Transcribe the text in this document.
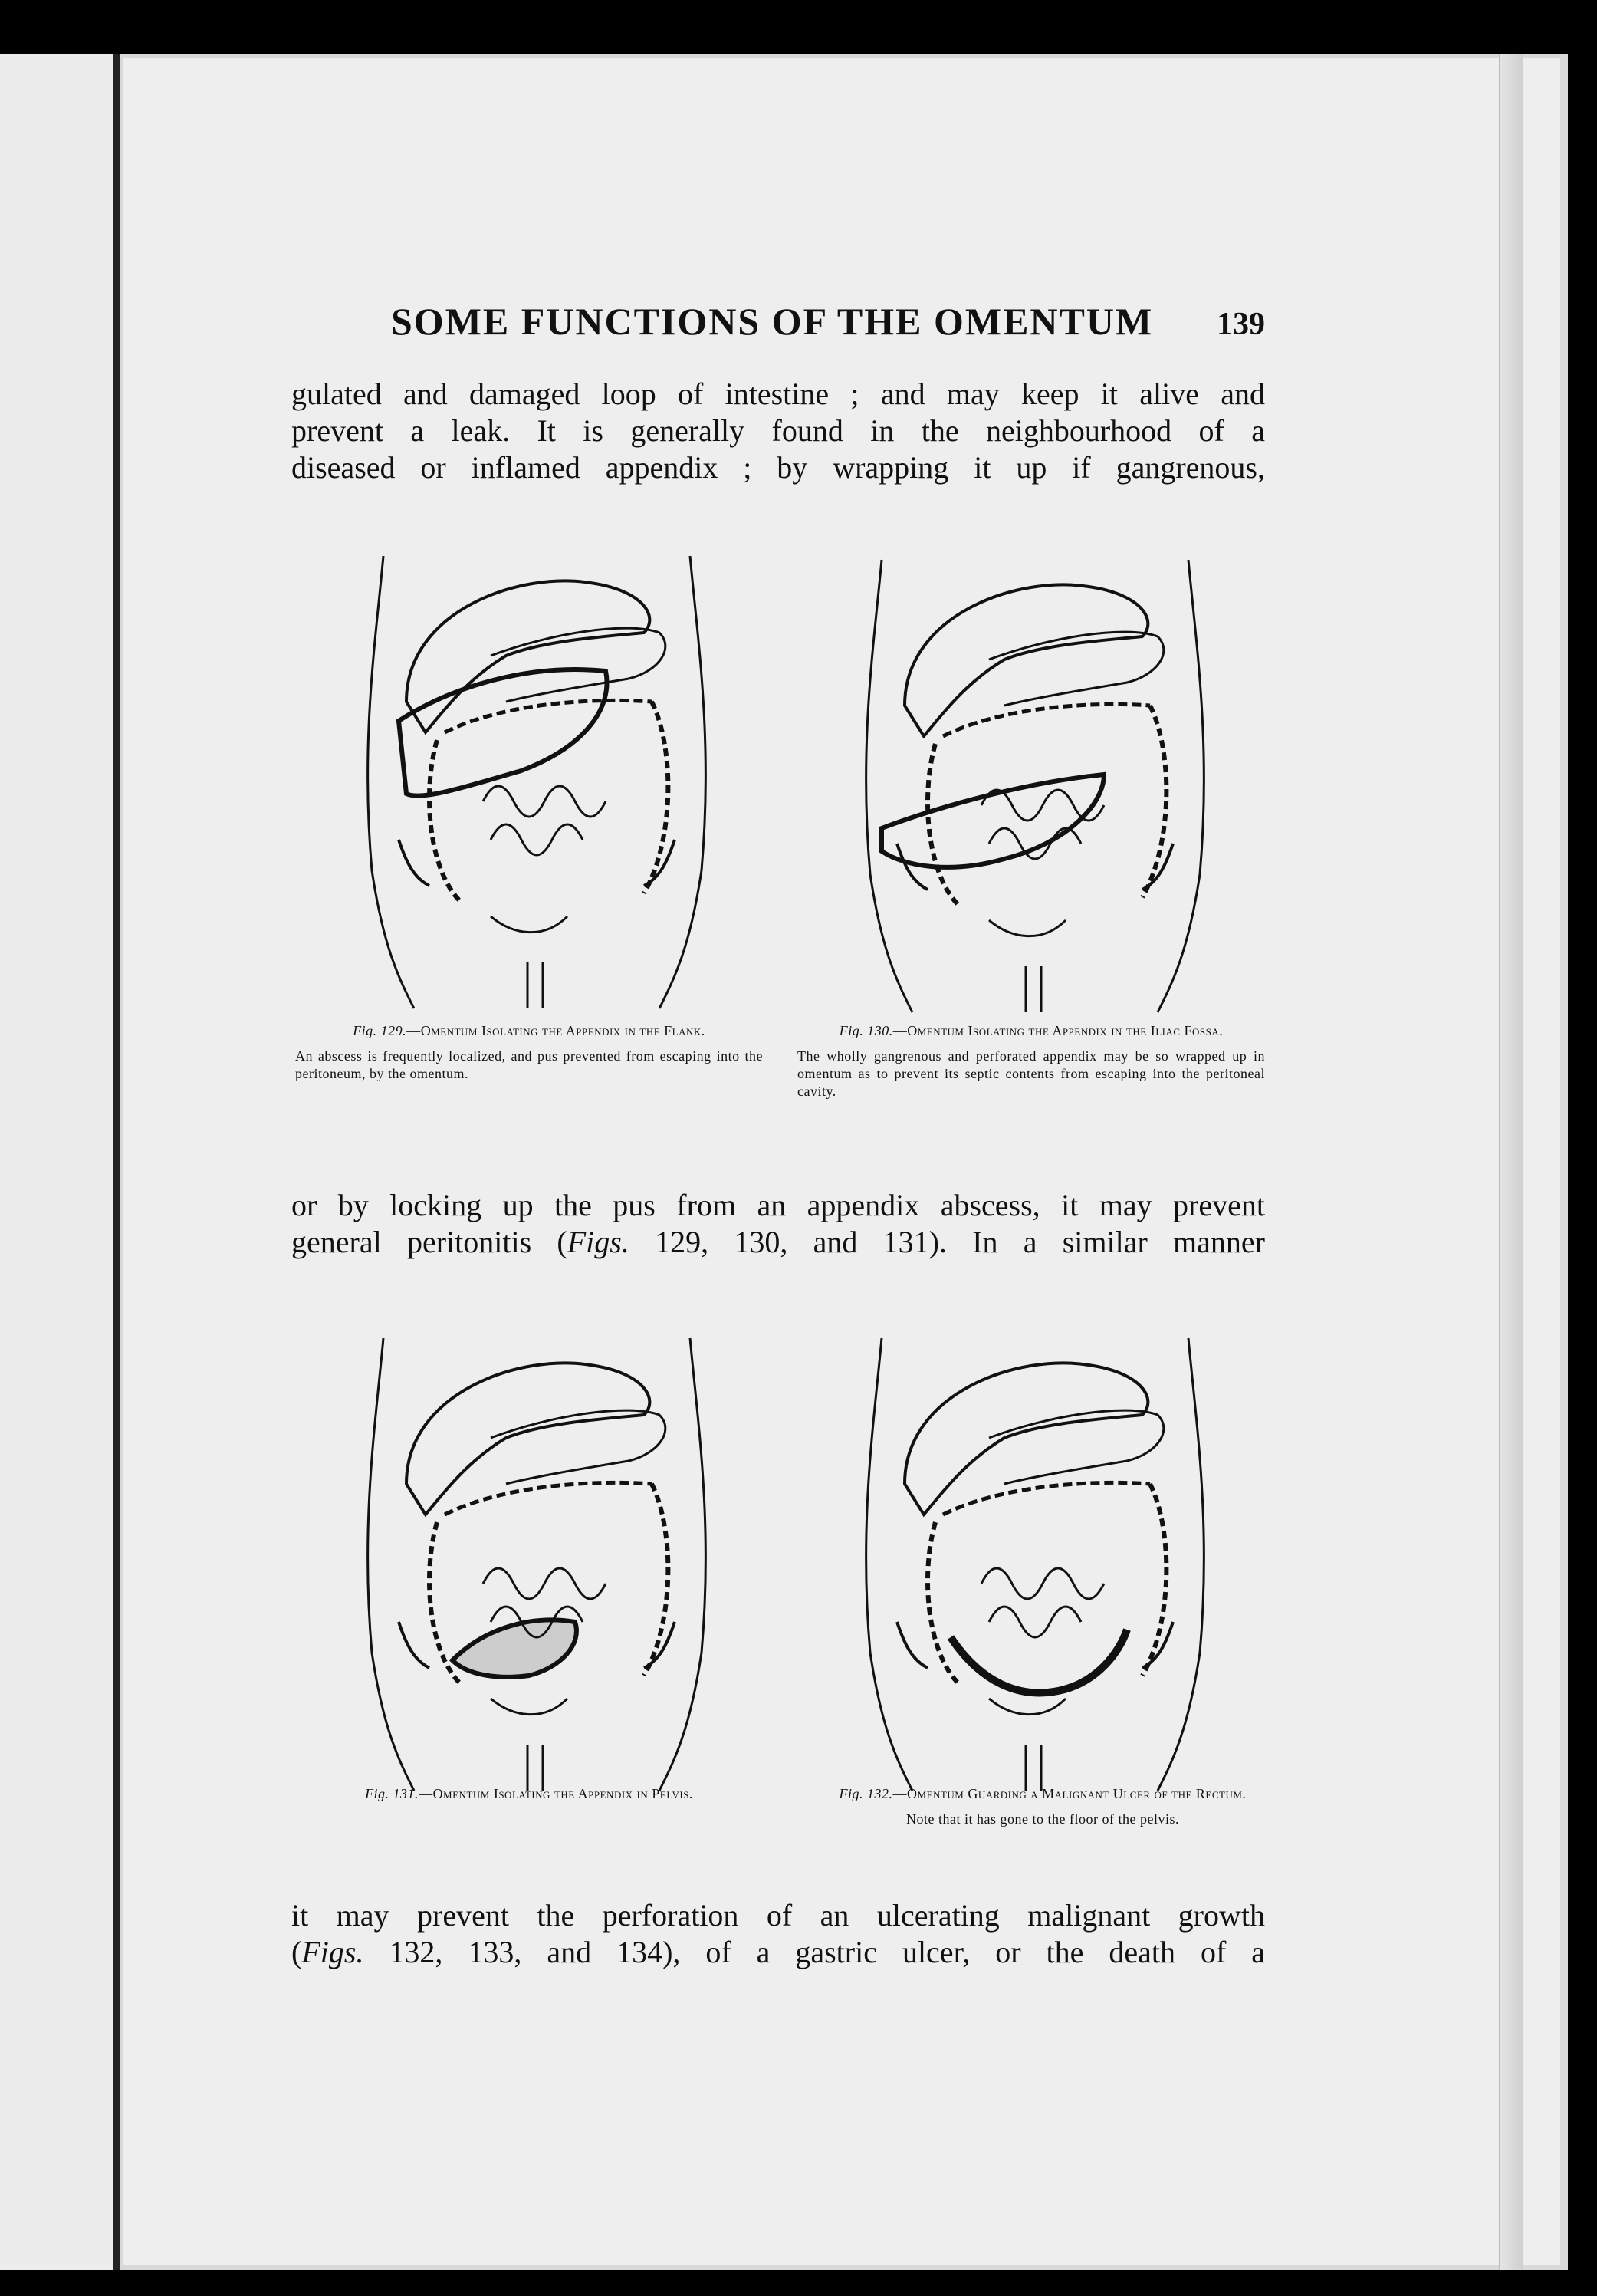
SOME FUNCTIONS OF THE OMENTUM 139
gulated and damaged loop of intestine ; and may keep it alive and
prevent a leak. It is generally found in the neighbourhood of a
diseased or inflamed appendix ; by wrapping it up if gangrenous,
Fig. 129.—Omentum Isolating the Appendix in the Flank.
An abscess is frequently localized, and pus prevented from escaping into the peritoneum, by the omentum.
Fig. 130.—Omentum Isolating the Appendix in the Iliac Fossa.
The wholly gangrenous and perforated appendix may be so wrapped up in omentum as to prevent its septic contents from escaping into the peritoneal cavity.
or by locking up the pus from an appendix abscess, it may prevent
general peritonitis (Figs. 129, 130, and 131). In a similar manner
Fig. 131.—Omentum Isolating the Appendix in Pelvis.	Fig. 132.—Omentum Guarding a Malignant Ulcer of the Rectum.
Note that it has gone to the floor of the pelvis.
it may prevent the perforation of an ulcerating malignant growth
(Figs. 132, 133, and 134), of a gastric ulcer, or the death of a
